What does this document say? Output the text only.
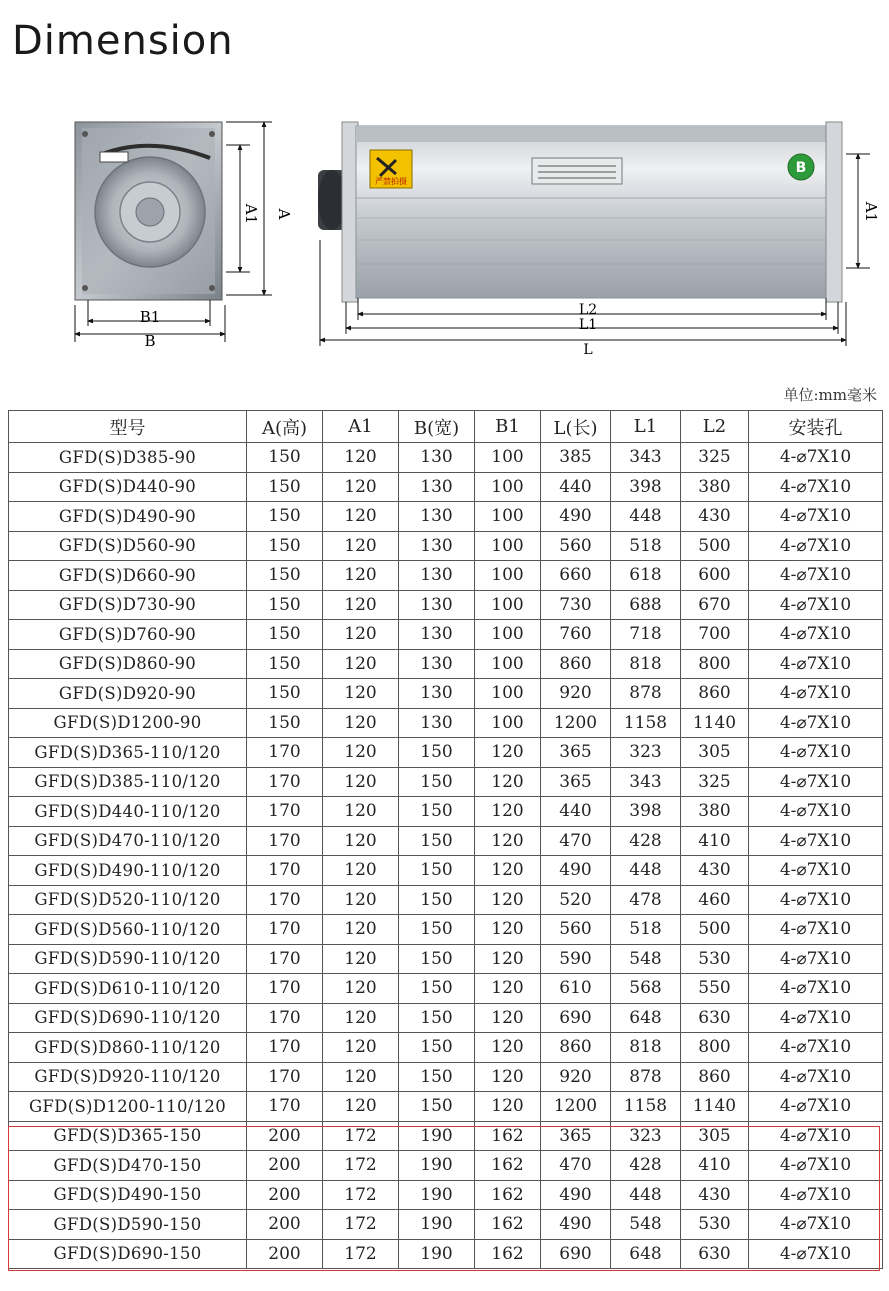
Dimension
A1 A
B1
B
严禁拍摄
B
A1
L2
L1
L
单位:mm毫米
型号	A(高)	A1	B(宽)	B1	L(长)	L1	L2	安装孔
GFD(S)D385-90	150	120	130	100	385	343	325	4-⌀7X10
GFD(S)D440-90	150	120	130	100	440	398	380	4-⌀7X10
GFD(S)D490-90	150	120	130	100	490	448	430	4-⌀7X10
GFD(S)D560-90	150	120	130	100	560	518	500	4-⌀7X10
GFD(S)D660-90	150	120	130	100	660	618	600	4-⌀7X10
GFD(S)D730-90	150	120	130	100	730	688	670	4-⌀7X10
GFD(S)D760-90	150	120	130	100	760	718	700	4-⌀7X10
GFD(S)D860-90	150	120	130	100	860	818	800	4-⌀7X10
GFD(S)D920-90	150	120	130	100	920	878	860	4-⌀7X10
GFD(S)D1200-90	150	120	130	100	1200	1158	1140	4-⌀7X10
GFD(S)D365-110/120	170	120	150	120	365	323	305	4-⌀7X10
GFD(S)D385-110/120	170	120	150	120	365	343	325	4-⌀7X10
GFD(S)D440-110/120	170	120	150	120	440	398	380	4-⌀7X10
GFD(S)D470-110/120	170	120	150	120	470	428	410	4-⌀7X10
GFD(S)D490-110/120	170	120	150	120	490	448	430	4-⌀7X10
GFD(S)D520-110/120	170	120	150	120	520	478	460	4-⌀7X10
GFD(S)D560-110/120	170	120	150	120	560	518	500	4-⌀7X10
GFD(S)D590-110/120	170	120	150	120	590	548	530	4-⌀7X10
GFD(S)D610-110/120	170	120	150	120	610	568	550	4-⌀7X10
GFD(S)D690-110/120	170	120	150	120	690	648	630	4-⌀7X10
GFD(S)D860-110/120	170	120	150	120	860	818	800	4-⌀7X10
GFD(S)D920-110/120	170	120	150	120	920	878	860	4-⌀7X10
GFD(S)D1200-110/120	170	120	150	120	1200	1158	1140	4-⌀7X10
GFD(S)D365-150	200	172	190	162	365	323	305	4-⌀7X10
GFD(S)D470-150	200	172	190	162	470	428	410	4-⌀7X10
GFD(S)D490-150	200	172	190	162	490	448	430	4-⌀7X10
GFD(S)D590-150	200	172	190	162	490	548	530	4-⌀7X10
GFD(S)D690-150	200	172	190	162	690	648	630	4-⌀7X10
